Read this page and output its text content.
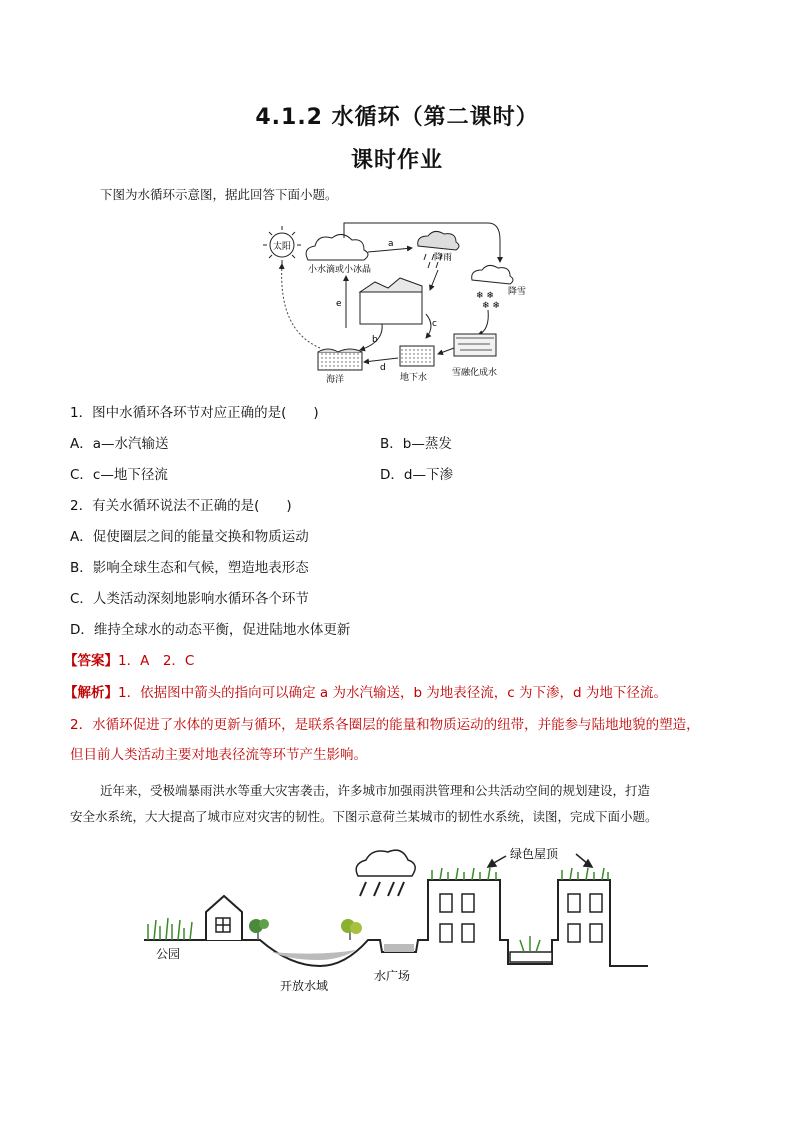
4.1.2 水循环（第二课时）
课时作业
下图为水循环示意图，据此回答下面小题。
太阳
小水滴或小冰晶
降雨
❄ ❄
❄ ❄
降雪
a
e
b
c
海洋	地下水
d	雪融化成水
1．图中水循环各环节对应正确的是(　　)
A．a—水汽输送	B．b—蒸发
C．c—地下径流	D．d—下渗
2．有关水循环说法不正确的是(　　)
A．促使圈层之间的能量交换和物质运动
B．影响全球生态和气候，塑造地表形态
C．人类活动深刻地影响水循环各个环节
D．维持全球水的动态平衡，促进陆地水体更新
【答案】1．A　2．C
【解析】1．依据图中箭头的指向可以确定 a 为水汽输送，b 为地表径流，c 为下渗，d 为地下径流。
2．水循环促进了水体的更新与循环，是联系各圈层的能量和物质运动的纽带，并能参与陆地地貌的塑造，
但目前人类活动主要对地表径流等环节产生影响。
近年来，受极端暴雨洪水等重大灾害袭击，许多城市加强雨洪管理和公共活动空间的规划建设，打造
安全水系统，大大提高了城市应对灾害的韧性。下图示意荷兰某城市的韧性水系统，读图，完成下面小题。
公园
开放水域
水广场
绿色屋顶
